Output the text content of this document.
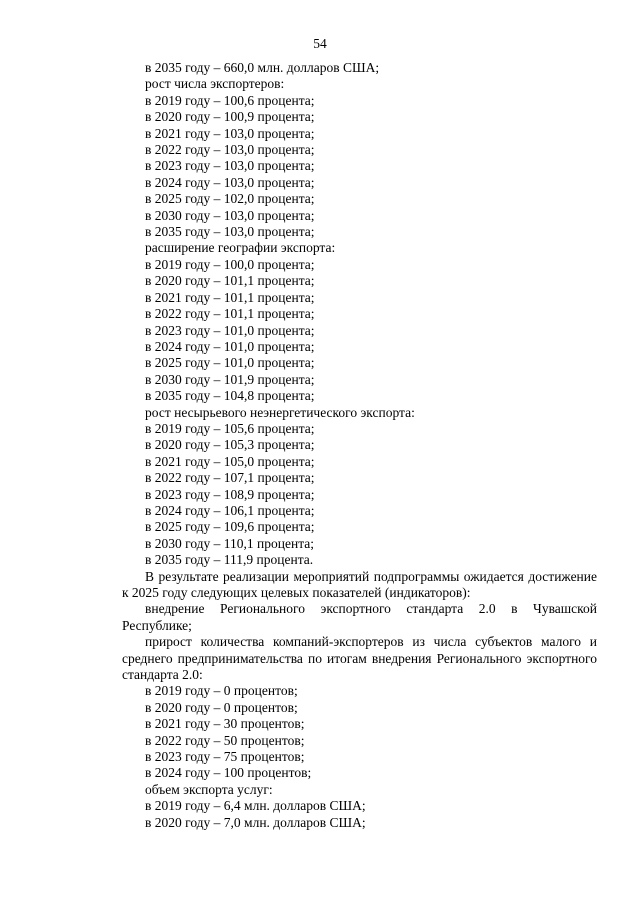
54
в 2035 году – 660,0 млн. долларов США;
рост числа экспортеров:
в 2019 году – 100,6 процента;
в 2020 году – 100,9 процента;
в 2021 году – 103,0 процента;
в 2022 году – 103,0 процента;
в 2023 году – 103,0 процента;
в 2024 году – 103,0 процента;
в 2025 году – 102,0 процента;
в 2030 году – 103,0 процента;
в 2035 году – 103,0 процента;
расширение географии экспорта:
в 2019 году – 100,0 процента;
в 2020 году – 101,1 процента;
в 2021 году – 101,1 процента;
в 2022 году – 101,1 процента;
в 2023 году – 101,0 процента;
в 2024 году – 101,0 процента;
в 2025 году – 101,0 процента;
в 2030 году – 101,9 процента;
в 2035 году – 104,8 процента;
рост несырьевого неэнергетического экспорта:
в 2019 году – 105,6 процента;
в 2020 году – 105,3 процента;
в 2021 году – 105,0 процента;
в 2022 году – 107,1 процента;
в 2023 году – 108,9 процента;
в 2024 году – 106,1 процента;
в 2025 году – 109,6 процента;
в 2030 году – 110,1 процента;
в 2035 году – 111,9 процента.
В результате реализации мероприятий подпрограммы ожидается достижение к 2025 году следующих целевых показателей (индикаторов):
внедрение Регионального экспортного стандарта 2.0 в Чувашской Республике;
прирост количества компаний-экспортеров из числа субъектов малого и среднего предпринимательства по итогам внедрения Регионального экспортного стандарта 2.0:
в 2019 году – 0 процентов;
в 2020 году – 0 процентов;
в 2021 году – 30 процентов;
в 2022 году – 50 процентов;
в 2023 году – 75 процентов;
в 2024 году – 100 процентов;
объем экспорта услуг:
в 2019 году – 6,4 млн. долларов США;
в 2020 году – 7,0 млн. долларов США;
